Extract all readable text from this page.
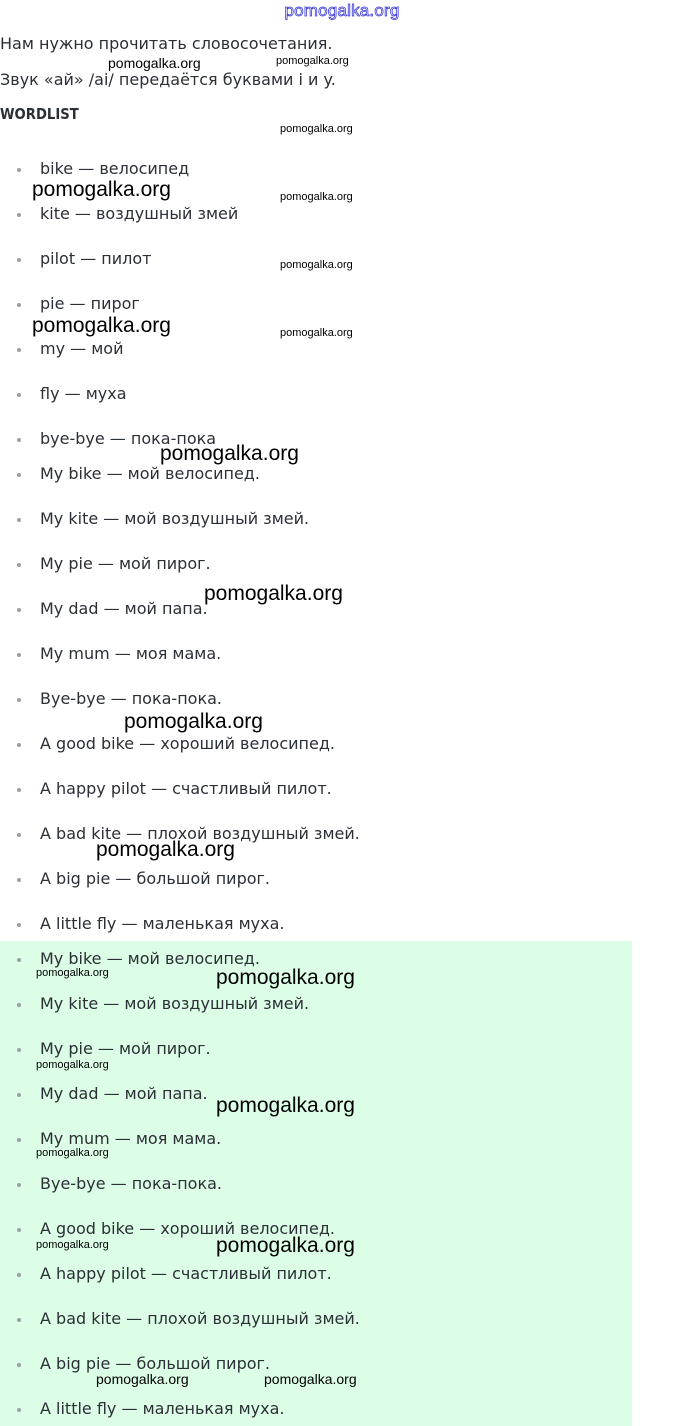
pomogalka.org
Нам нужно прочитать словосочетания.
Звук «ай» /ai/ передаётся буквами i и y.
WORDLIST
bike — велосипед
kite — воздушный змей
pilot — пилот
pie — пирог
my — мой
fly — муха
bye-bye — пока-пока
My bike — мой велосипед.
My kite — мой воздушный змей.
My pie — мой пирог.
My dad — мой папа.
My mum — моя мама.
Bye-bye — пока-пока.
A good bike — хороший велосипед.
A happy pilot — счастливый пилот.
A bad kite — плохой воздушный змей.
A big pie — большой пирог.
A little fly — маленькая муха.
My bike — мой велосипед.
My kite — мой воздушный змей.
My pie — мой пирог.
My dad — мой папа.
My mum — моя мама.
Bye-bye — пока-пока.
A good bike — хороший велосипед.
A happy pilot — счастливый пилот.
A bad kite — плохой воздушный змей.
A big pie — большой пирог.
A little fly — маленькая муха.
pomogalka.org	pomogalka.org
pomogalka.org
pomogalka.org	pomogalka.org
pomogalka.org
pomogalka.org	pomogalka.org
pomogalka.org
pomogalka.org
pomogalka.org
pomogalka.org
pomogalka.org	pomogalka.org
pomogalka.org
pomogalka.org
pomogalka.org
pomogalka.org	pomogalka.org
pomogalka.org	pomogalka.org
